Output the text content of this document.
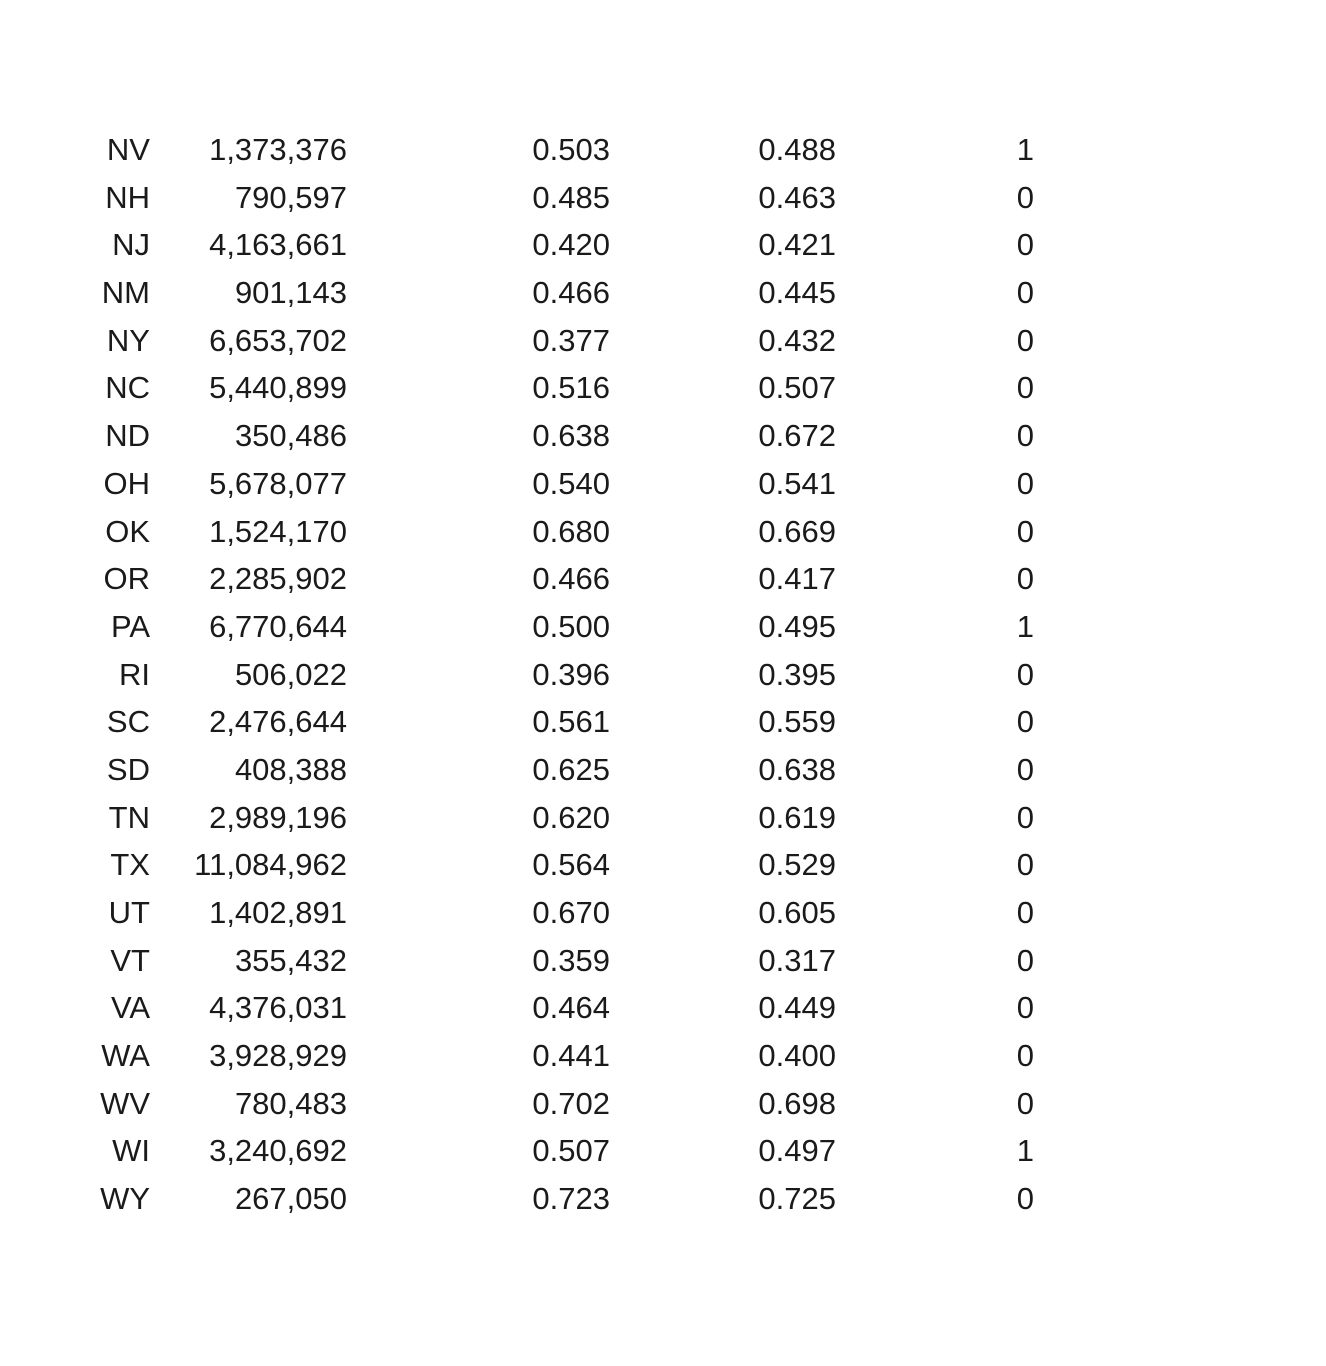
NV 1,373,376	0.503	0.488	1
NH	790,597	0.485	0.463	0
NJ 4,163,661	0.420	0.421	0
NM	901,143	0.466	0.445	0
NY 6,653,702	0.377	0.432	0
NC 5,440,899	0.516	0.507	0
ND	350,486	0.638	0.672	0
OH 5,678,077	0.540	0.541	0
OK 1,524,170	0.680	0.669	0
OR 2,285,902	0.466	0.417	0
PA 6,770,644	0.500	0.495	1
RI	506,022	0.396	0.395	0
SC 2,476,644	0.561	0.559	0
SD	408,388	0.625	0.638	0
TN 2,989,196	0.620	0.619	0
TX 11,084,962	0.564	0.529	0
UT 1,402,891	0.670	0.605	0
VT	355,432	0.359	0.317	0
VA 4,376,031	0.464	0.449	0
WA 3,928,929	0.441	0.400	0
WV	780,483	0.702	0.698	0
WI 3,240,692	0.507	0.497	1
WY	267,050	0.723	0.725	0
